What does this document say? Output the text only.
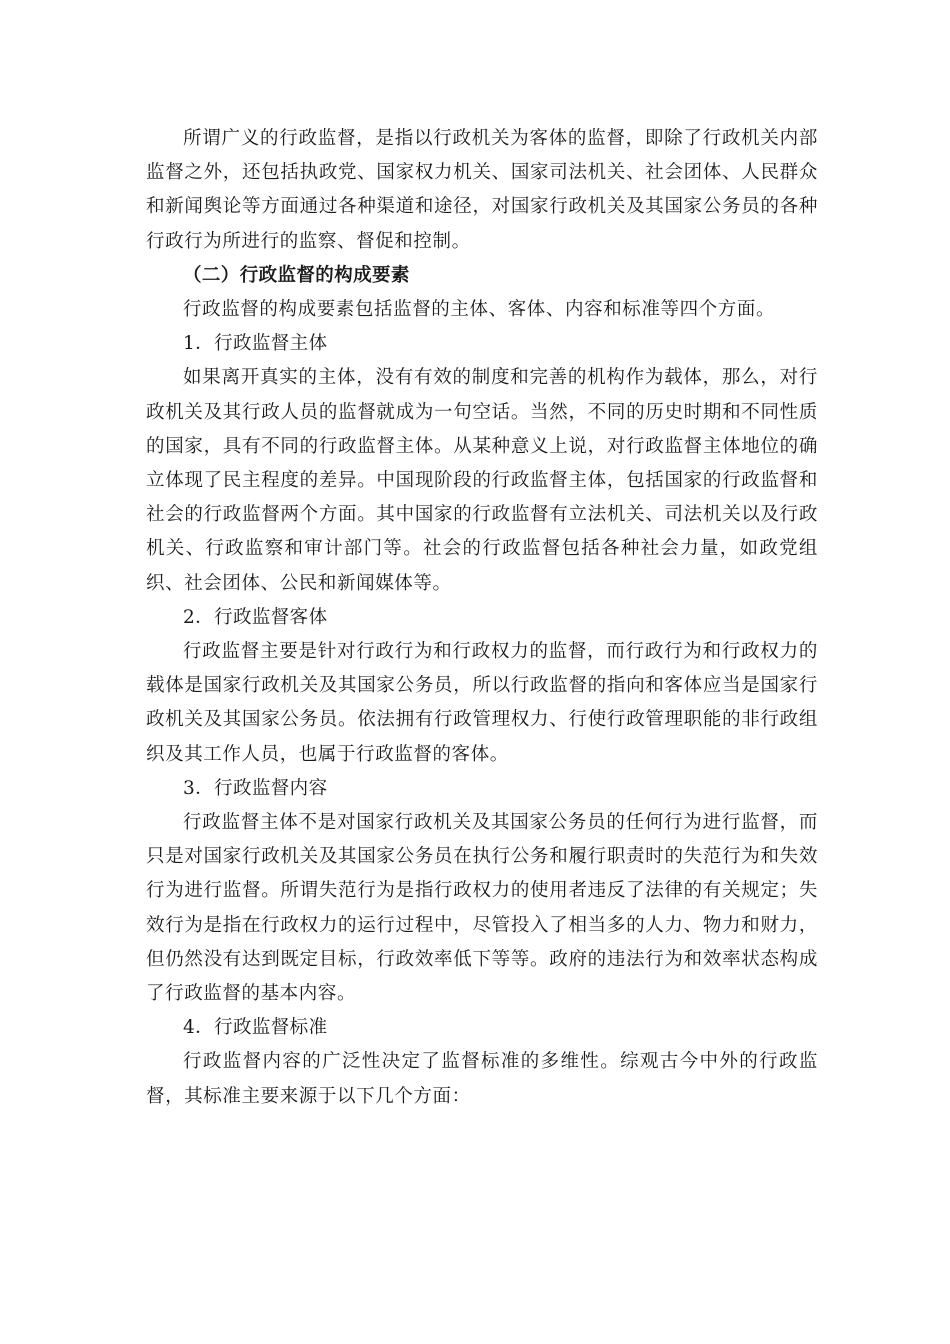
所谓广义的行政监督，是指以行政机关为客体的监督，即除了行政机关内部监督之外，还包括执政党、国家权力机关、国家司法机关、社会团体、人民群众和新闻舆论等方面通过各种渠道和途径，对国家行政机关及其国家公务员的各种行政行为所进行的监察、督促和控制。

（二）行政监督的构成要素

行政监督的构成要素包括监督的主体、客体、内容和标准等四个方面。

1．行政监督主体

如果离开真实的主体，没有有效的制度和完善的机构作为载体，那么，对行政机关及其行政人员的监督就成为一句空话。当然，不同的历史时期和不同性质的国家，具有不同的行政监督主体。从某种意义上说，对行政监督主体地位的确立体现了民主程度的差异。中国现阶段的行政监督主体，包括国家的行政监督和社会的行政监督两个方面。其中国家的行政监督有立法机关、司法机关以及行政机关、行政监察和审计部门等。社会的行政监督包括各种社会力量，如政党组织、社会团体、公民和新闻媒体等。

2．行政监督客体

行政监督主要是针对行政行为和行政权力的监督，而行政行为和行政权力的载体是国家行政机关及其国家公务员，所以行政监督的指向和客体应当是国家行政机关及其国家公务员。依法拥有行政管理权力、行使行政管理职能的非行政组织及其工作人员，也属于行政监督的客体。

3．行政监督内容

行政监督主体不是对国家行政机关及其国家公务员的任何行为进行监督，而只是对国家行政机关及其国家公务员在执行公务和履行职责时的失范行为和失效行为进行监督。所谓失范行为是指行政权力的使用者违反了法律的有关规定；失效行为是指在行政权力的运行过程中，尽管投入了相当多的人力、物力和财力，但仍然没有达到既定目标，行政效率低下等等。政府的违法行为和效率状态构成了行政监督的基本内容。

4．行政监督标准

行政监督内容的广泛性决定了监督标准的多维性。综观古今中外的行政监督，其标准主要来源于以下几个方面：
